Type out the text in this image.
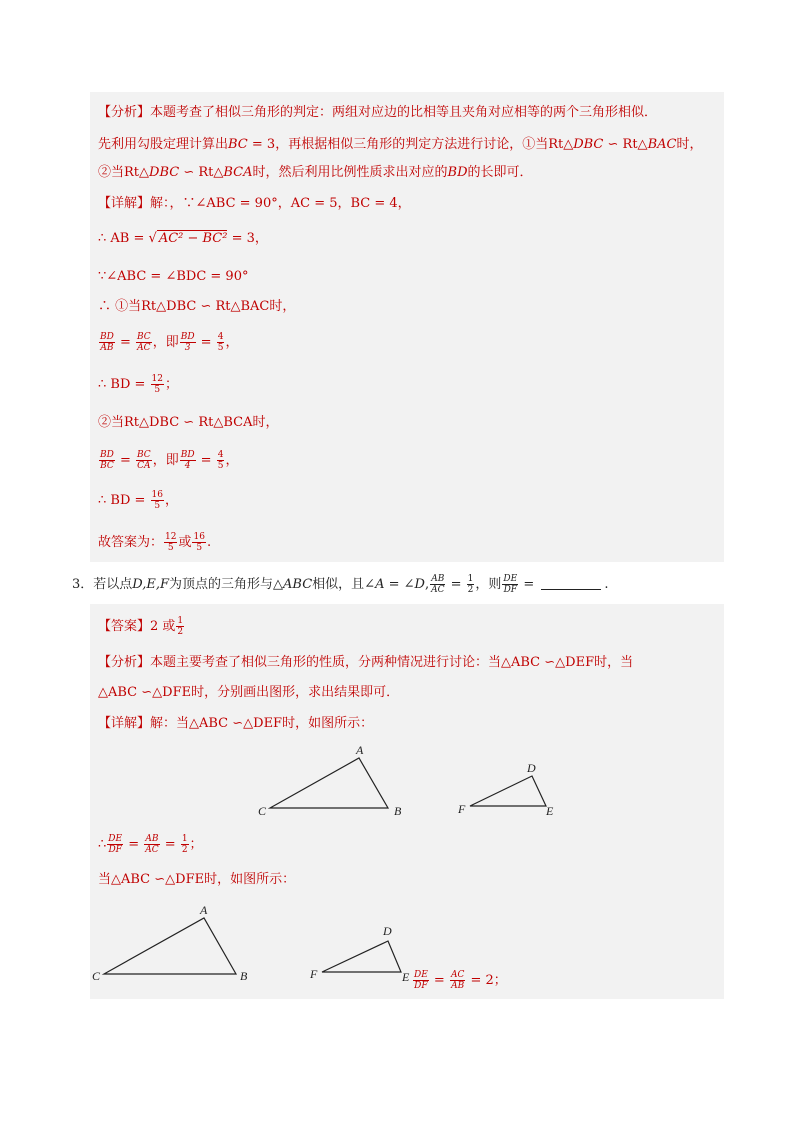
【分析】本题考查了相似三角形的判定：两组对应边的比相等且夹角对应相等的两个三角形相似．
先利用勾股定理计算出BC = 3，再根据相似三角形的判定方法进行讨论，①当Rt△DBC ∽ Rt△BAC时，
②当Rt△DBC ∽ Rt△BCA时，然后利用比例性质求出对应的BD的长即可．
【详解】解：，∵∠ABC = 90°，AC = 5，BC = 4，
∴ AB = √ AC² − BC² = 3，
∵∠ABC = ∠BDC = 90°
∴ ①当Rt△DBC ∽ Rt△BAC时，
$\frac{BD}{AB} = \frac{BC}{AC}$ ，即 $\frac{BD}{3} = \frac{4}{5}$ ，
∴ BD = $\frac{12}{5}$ ；
②当Rt△DBC ∽ Rt△BCA时，
$\frac{BD}{BC} = \frac{BC}{CA}$ ，即 $\frac{BD}{4} = \frac{4}{5}$ ，
∴ BD = $\frac{16}{5}$ ，
故答案为： $\frac{12}{5}$ 或 $\frac{16}{5}$ .
3．若以点D,E,F为顶点的三角形与△ABC相似，且∠A = ∠D, $\frac{AB}{AC} = \frac{1}{2}$ ，则 $\frac{DE}{DF}$ =	.
【答案】2 或 $\frac{1}{2}$
【分析】本题主要考查了相似三角形的性质，分两种情况进行讨论：当△ABC ∽△DEF时，当
△ABC ∽△DFE时，分别画出图形，求出结果即可．
【详解】解：当△ABC ∽△DEF时，如图所示：
A
B
C
D
E
F
∴ $\frac{DE}{DF} = \frac{AB}{AC} = \frac{1}{2}$ ；
当△ABC ∽△DFE时，如图所示：
A
B
C
D
E
F	$\frac{DE}{DF} = \frac{AC}{AB} = 2$；
